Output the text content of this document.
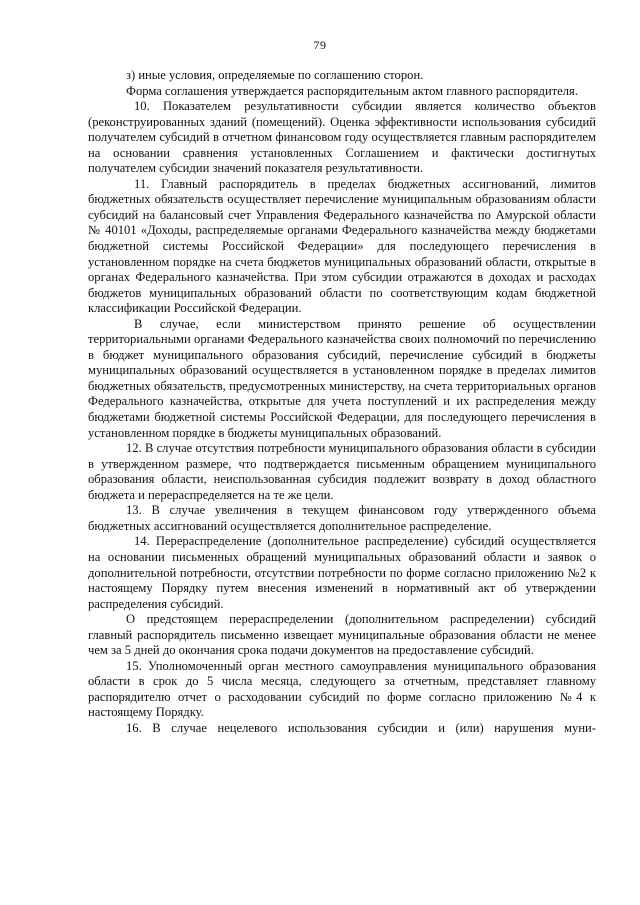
79

з) иные условия, определяемые по соглашению сторон.

Форма соглашения утверждается распорядительным актом главного распорядителя.

10. Показателем результативности субсидии является количество объектов (реконструированных зданий (помещений). Оценка эффективности использования субсидий получателем субсидий в отчетном финансовом году осуществляется главным распорядителем на основании сравнения установленных Соглашением и фактически достигнутых получателем субсидии значений показателя результативности.

11. Главный распорядитель в пределах бюджетных ассигнований, лимитов бюджетных обязательств осуществляет перечисление муниципальным образованиям области субсидий на балансовый счет Управления Федерального казначейства по Амурской области № 40101 «Доходы, распределяемые органами Федерального казначейства между бюджетами бюджетной системы Российской Федерации» для последующего перечисления в установленном порядке на счета бюджетов муниципальных образований области, открытые в органах Федерального казначейства. При этом субсидии отражаются в доходах и расходах бюджетов муниципальных образований области по соответствующим кодам бюджетной классификации Российской Федерации.

В случае, если министерством принято решение об осуществлении территориальными органами Федерального казначейства своих полномочий по перечислению в бюджет муниципального образования субсидий, перечисление субсидий в бюджеты муниципальных образований осуществляется в установленном порядке в пределах лимитов бюджетных обязательств, предусмотренных министерству, на счета территориальных органов Федерального казначейства, открытые для учета поступлений и их распределения между бюджетами бюджетной системы Российской Федерации, для последующего перечисления в установленном порядке в бюджеты муниципальных образований.

12. В случае отсутствия потребности муниципального образования области в субсидии в утвержденном размере, что подтверждается письменным обращением муниципального образования области, неиспользованная субсидия подлежит возврату в доход областного бюджета и перераспределяется на те же цели.

13. В случае увеличения в текущем финансовом году утвержденного объема бюджетных ассигнований осуществляется дополнительное распределение.

14. Перераспределение (дополнительное распределение) субсидий осуществляется на основании письменных обращений муниципальных образований области и заявок о дополнительной потребности, отсутствии потребности по форме согласно приложению №2 к настоящему Порядку путем внесения изменений в нормативный акт об утверждении распределения субсидий.

О предстоящем перераспределении (дополнительном распределении) субсидий главный распорядитель письменно извещает муниципальные образования области не менее чем за 5 дней до окончания срока подачи документов на предоставление субсидий.

15. Уполномоченный орган местного самоуправления муниципального образования области в срок до 5 числа месяца, следующего за отчетным, представляет главному распорядителю отчет о расходовании субсидий по форме согласно приложению №4 к настоящему Порядку.

16. В случае нецелевого использования субсидии и (или) нарушения муни-
